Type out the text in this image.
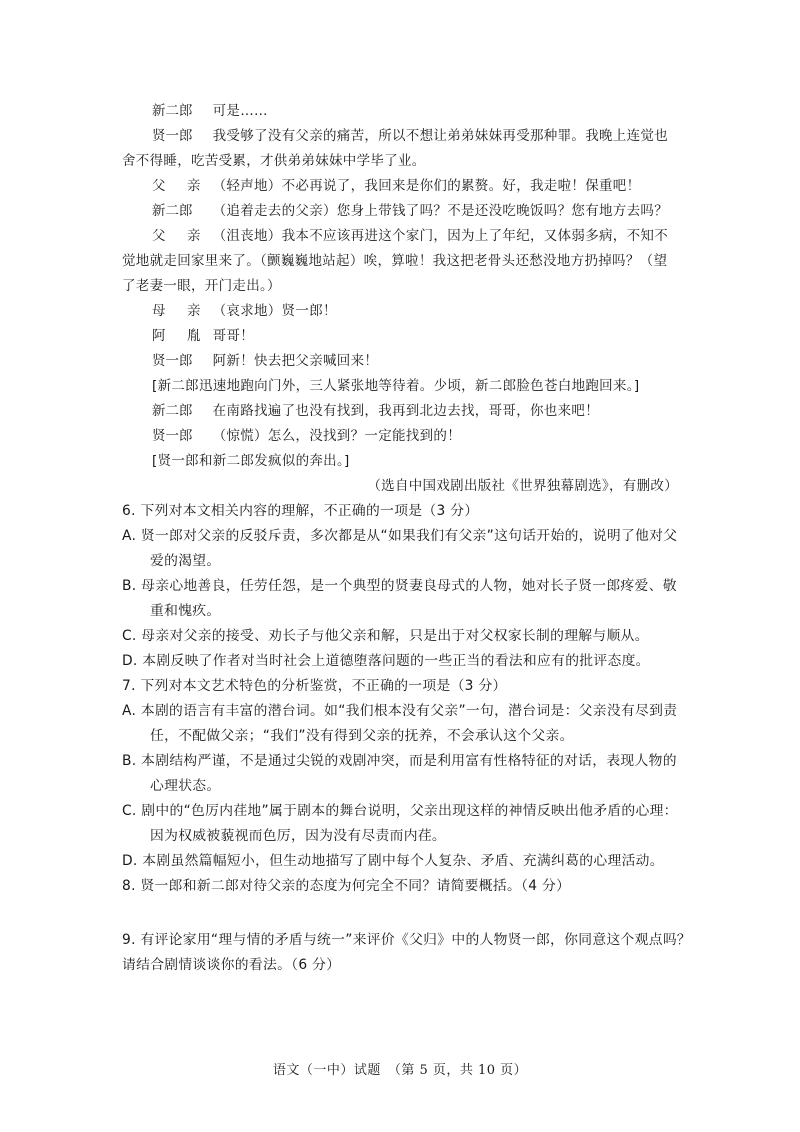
新二郎 可是……
贤一郎 我受够了没有父亲的痛苦，所以不想让弟弟妹妹再受那种罪。我晚上连觉也
舍不得睡，吃苦受累，才供弟弟妹妹中学毕了业。
父　亲 （轻声地）不必再说了，我回来是你们的累赘。好，我走啦！保重吧！
新二郎 （追着走去的父亲）您身上带钱了吗？不是还没吃晚饭吗？您有地方去吗？
父　亲 （沮丧地）我本不应该再进这个家门，因为上了年纪，又体弱多病，不知不
觉地就走回家里来了。（颤巍巍地站起）唉，算啦！我这把老骨头还愁没地方扔掉吗？（望
了老妻一眼，开门走出。）
母　亲 （哀求地）贤一郎！
阿　胤 哥哥！
贤一郎 阿新！快去把父亲喊回来！
[新二郎迅速地跑向门外，三人紧张地等待着。少顷，新二郎脸色苍白地跑回来。]
新二郎 在南路找遍了也没有找到，我再到北边去找，哥哥，你也来吧！
贤一郎 （惊慌）怎么，没找到？一定能找到的！
[贤一郎和新二郎发疯似的奔出。]
（选自中国戏剧出版社《世界独幕剧选》，有删改）
6. 下列对本文相关内容的理解，不正确的一项是（3 分）
A. 贤一郎对父亲的反驳斥责，多次都是从“如果我们有父亲”这句话开始的，说明了他对父
爱的渴望。
B. 母亲心地善良，任劳任怨，是一个典型的贤妻良母式的人物，她对长子贤一郎疼爱、敬
重和愧疚。
C. 母亲对父亲的接受、劝长子与他父亲和解，只是出于对父权家长制的理解与顺从。
D. 本剧反映了作者对当时社会上道德堕落问题的一些正当的看法和应有的批评态度。
7. 下列对本文艺术特色的分析鉴赏，不正确的一项是（3 分）
A. 本剧的语言有丰富的潜台词。如“我们根本没有父亲”一句，潜台词是：父亲没有尽到责
任，不配做父亲；“我们”没有得到父亲的抚养，不会承认这个父亲。
B. 本剧结构严谨，不是通过尖锐的戏剧冲突，而是利用富有性格特征的对话，表现人物的
心理状态。
C. 剧中的“色厉内荏地”属于剧本的舞台说明，父亲出现这样的神情反映出他矛盾的心理：
因为权威被藐视而色厉，因为没有尽责而内荏。
D. 本剧虽然篇幅短小，但生动地描写了剧中每个人复杂、矛盾、充满纠葛的心理活动。
8. 贤一郎和新二郎对待父亲的态度为何完全不同？请简要概括。（4 分）
9. 有评论家用“理与情的矛盾与统一”来评价《父归》中的人物贤一郎，你同意这个观点吗？
请结合剧情谈谈你的看法。（6 分）
语文（一中）试题　（第 5 页，共 10 页）
